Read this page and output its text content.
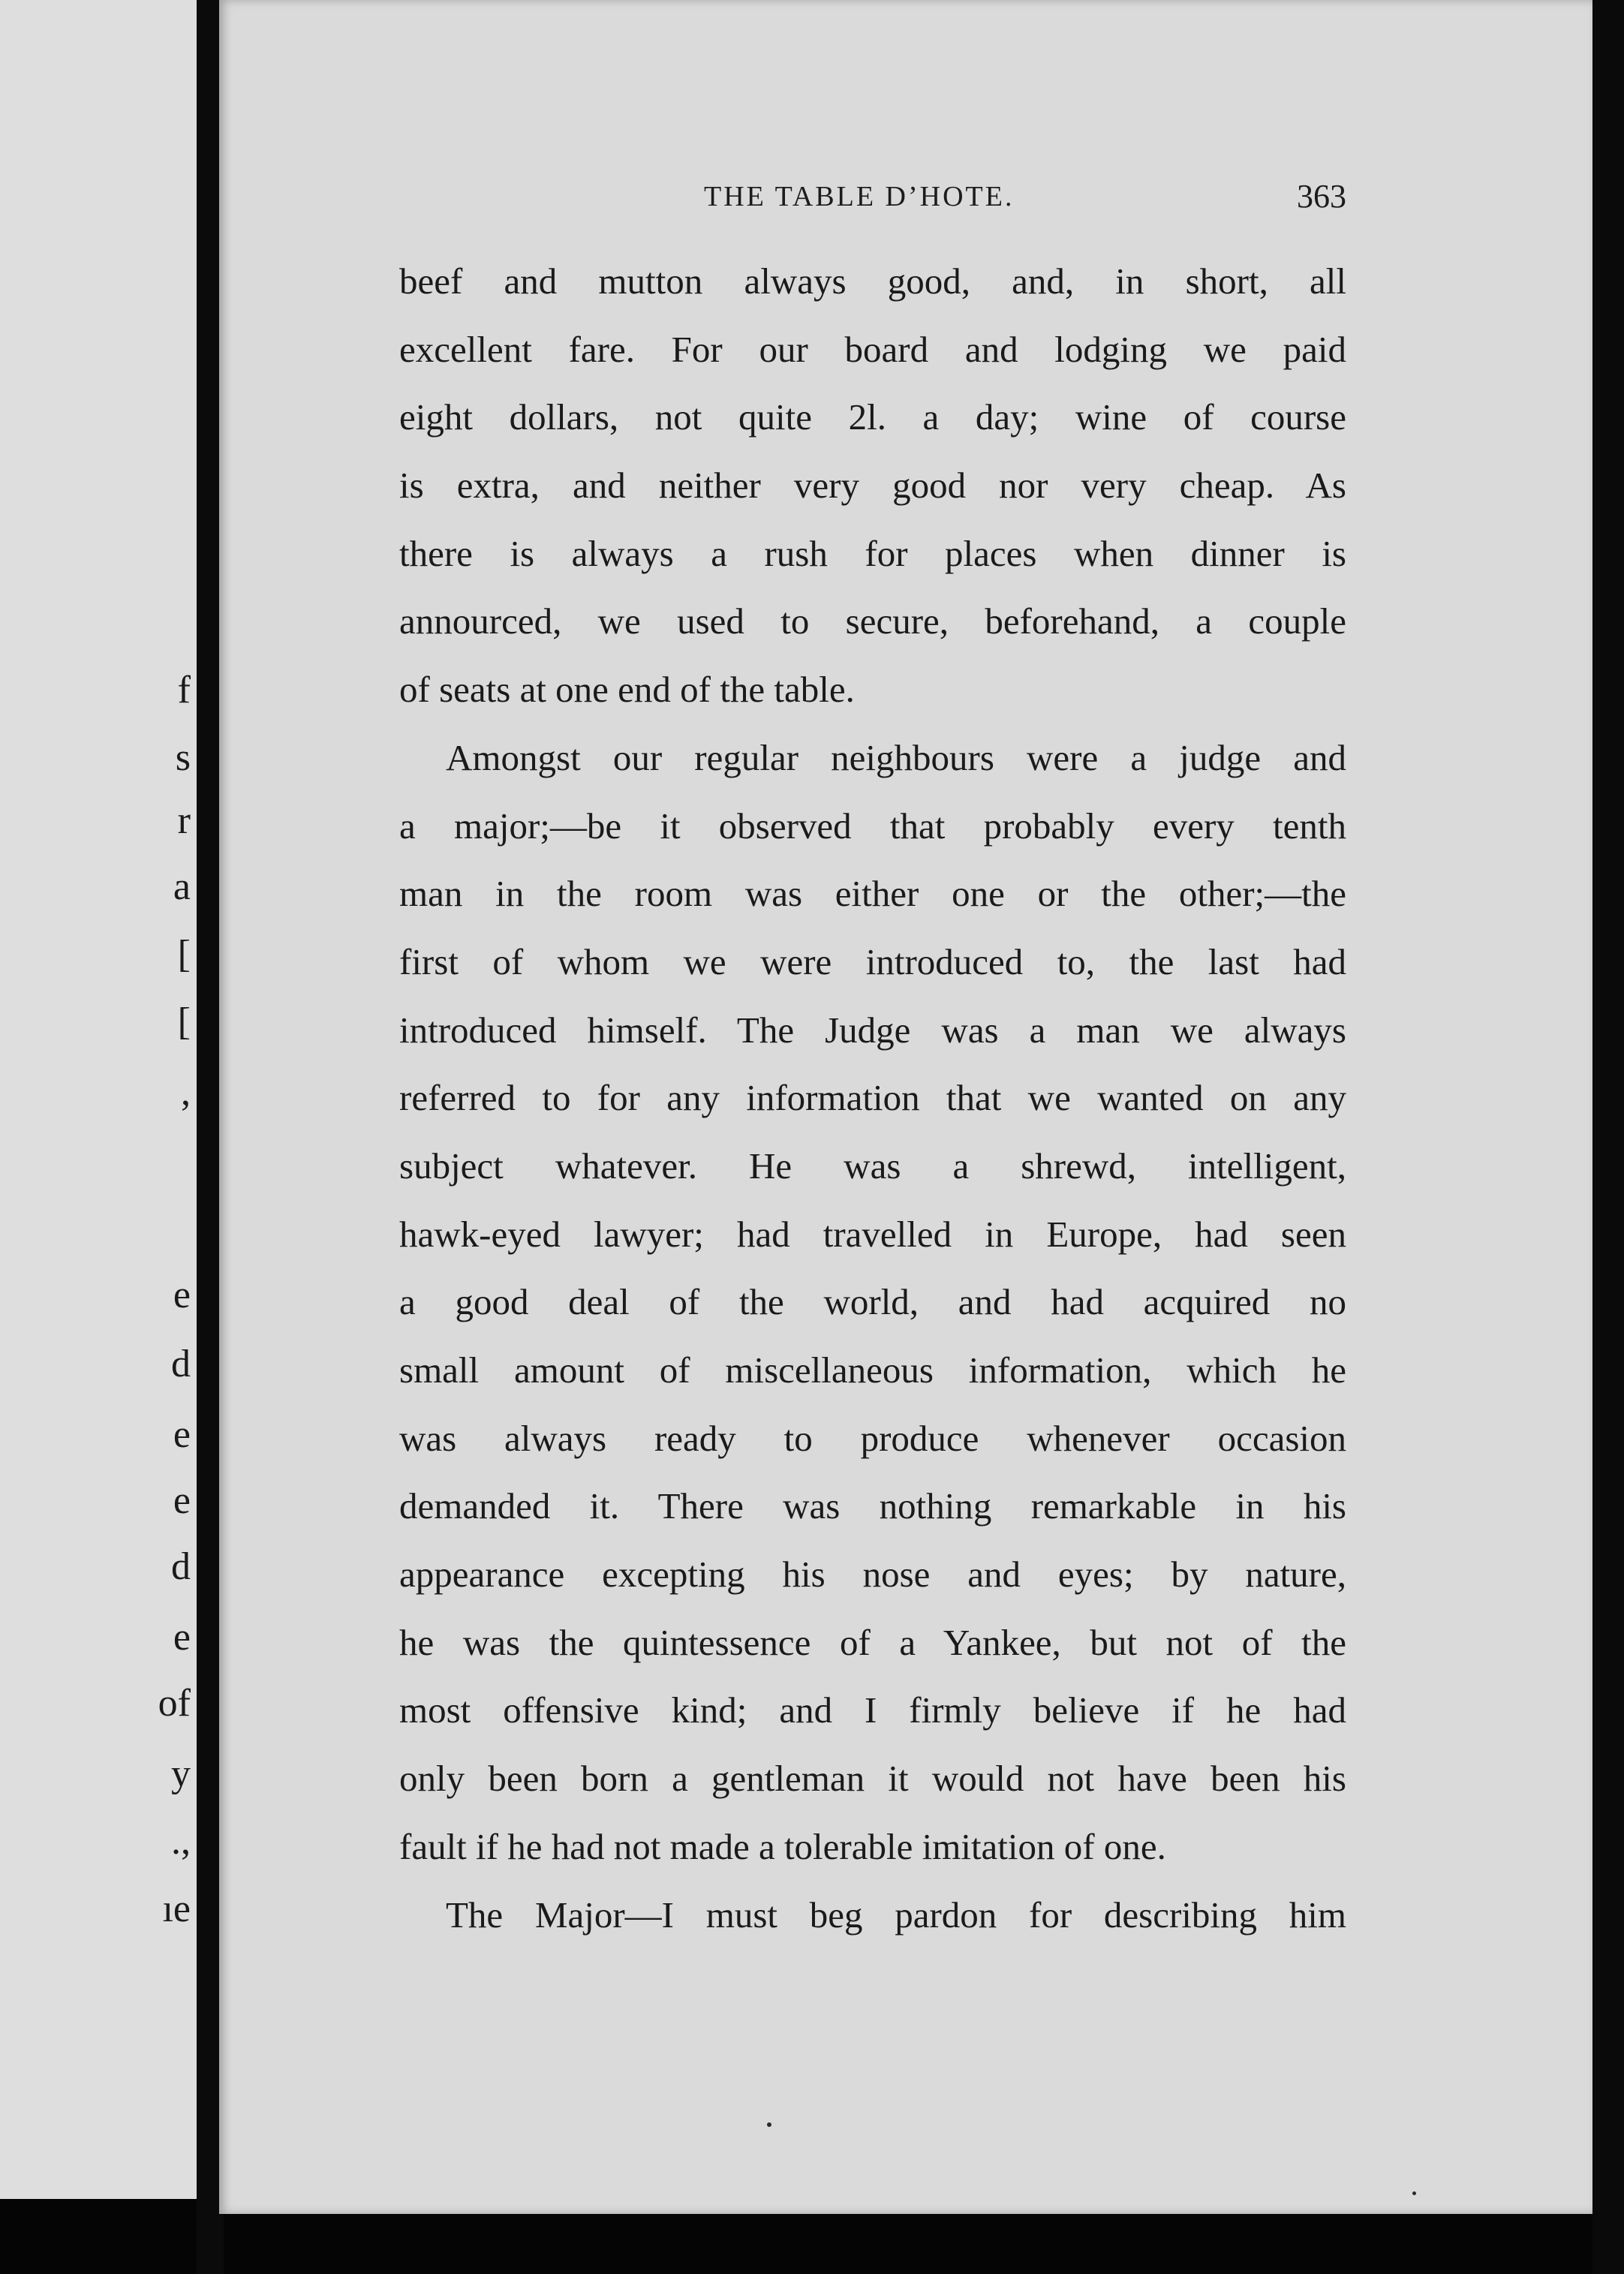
f
s
r
a
[
[
,
e
d
e
e
d
e
of
y
.,
ıe
THE TABLE D’HOTE.	363
beef and mutton always good, and, in short, all
excellent fare. For our board and lodging we paid
eight dollars, not quite 2l. a day; wine of course
is extra, and neither very good nor very cheap. As
there is always a rush for places when dinner is
annourced, we used to secure, beforehand, a couple
of seats at one end of the table.
Amongst our regular neighbours were a judge and
a major;—be it observed that probably every tenth
man in the room was either one or the other;—the
first of whom we were introduced to, the last had
introduced himself. The Judge was a man we always
referred to for any information that we wanted on any
subject whatever. He was a shrewd, intelligent,
hawk-eyed lawyer; had travelled in Europe, had seen
a good deal of the world, and had acquired no
small amount of miscellaneous information, which he
was always ready to produce whenever occasion
demanded it. There was nothing remarkable in his
appearance excepting his nose and eyes; by nature,
he was the quintessence of a Yankee, but not of the
most offensive kind; and I firmly believe if he had
only been born a gentleman it would not have been his
fault if he had not made a tolerable imitation of one.
The Major—I must beg pardon for describing him
